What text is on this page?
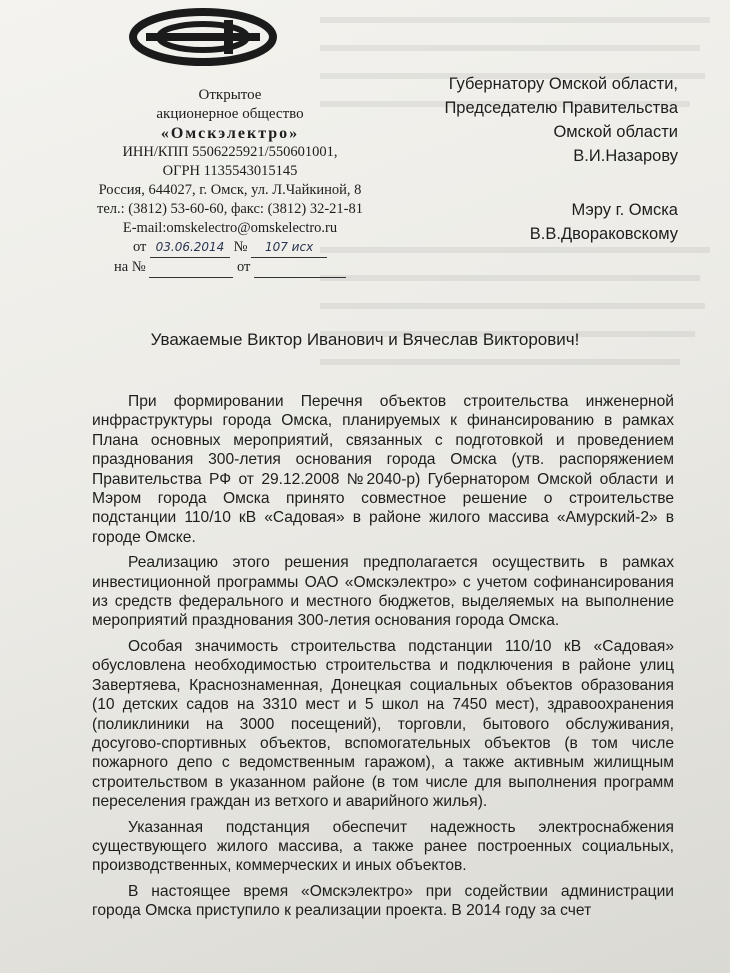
Открытое
акционерное общество
«Омскэлектро»
ИНН/КПП 5506225921/550601001,
ОГРН 1135543015145
Россия, 644027, г. Омск, ул. Л.Чайкиной, 8
тел.: (3812) 53-60-60, факс: (3812) 32-21-81
E-mail:omskelectro@omskelectro.ru
от 03.06.2014 № 107 исх
на №	от
Губернатору Омской области,
Председателю Правительства
Омской области
В.И.Назарову
Мэру г. Омска
В.В.Двораковскому
Уважаемые Виктор Иванович и Вячеслав Викторович!

При формировании Перечня объектов строительства инженерной инфраструктуры города Омска, планируемых к финансированию в рамках Плана основных мероприятий, связанных с подготовкой и проведением празднования 300-летия основания города Омска (утв. распоряжением Правительства РФ от 29.12.2008 №2040-р) Губернатором Омской области и Мэром города Омска принято совместное решение о строительстве подстанции 110/10 кВ «Садовая» в районе жилого массива «Амурский-2» в городе Омске.

Реализацию этого решения предполагается осуществить в рамках инвестиционной программы ОАО «Омскэлектро» с учетом софинансирования из средств федерального и местного бюджетов, выделяемых на выполнение мероприятий празднования 300-летия основания города Омска.

Особая значимость строительства подстанции 110/10 кВ «Садовая» обусловлена необходимостью строительства и подключения в районе улиц Завертяева, Краснознаменная, Донецкая социальных объектов образования (10 детских садов на 3310 мест и 5 школ на 7450 мест), здравоохранения (поликлиники на 3000 посещений), торговли, бытового обслуживания, досугово-спортивных объектов, вспомогательных объектов (в том числе пожарного депо с ведомственным гаражом), а также активным жилищным строительством в указанном районе (в том числе для выполнения программ переселения граждан из ветхого и аварийного жилья).

Указанная подстанция обеспечит надежность электроснабжения существующего жилого массива, а также ранее построенных социальных, производственных, коммерческих и иных объектов.

В настоящее время «Омскэлектро» при содействии администрации города Омска приступило к реализации проекта. В 2014 году за счет
